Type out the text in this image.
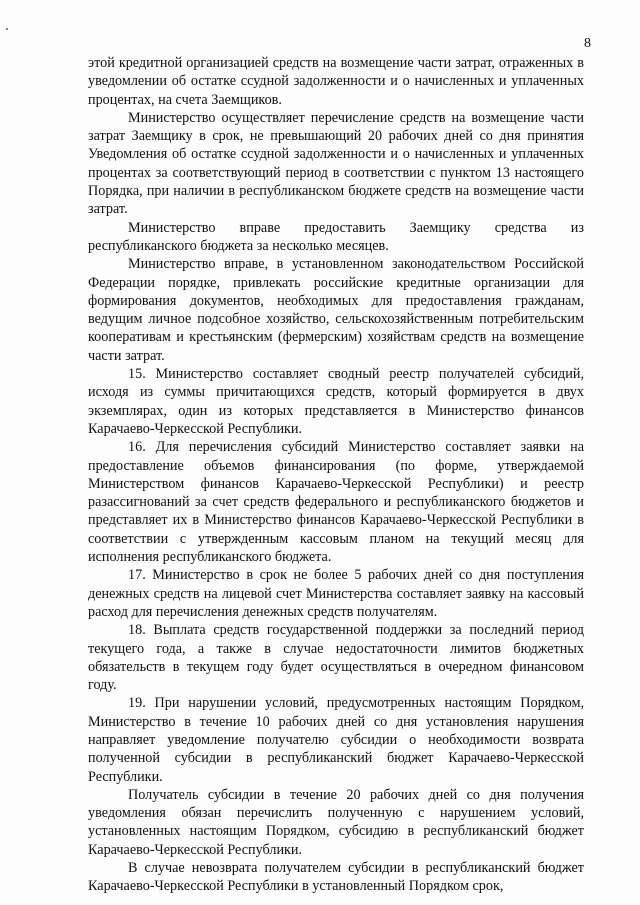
8

этой кредитной организацией средств на возмещение части затрат, отраженных в уведомлении об остатке ссудной задолженности и о начисленных и уплаченных процентах, на счета Заемщиков.

Министерство осуществляет перечисление средств на возмещение части затрат Заемщику в срок, не превышающий 20 рабочих дней со дня принятия Уведомления об остатке ссудной задолженности и о начисленных и уплаченных процентах за соответствующий период в соответствии с пунктом 13 настоящего Порядка, при наличии в республиканском бюджете средств на возмещение части затрат.

Министерство вправе предоставить Заемщику средства из республиканского бюджета за несколько месяцев.

Министерство вправе, в установленном законодательством Российской Федерации порядке, привлекать российские кредитные организации для формирования документов, необходимых для предоставления гражданам, ведущим личное подсобное хозяйство, сельскохозяйственным потребительским кооперативам и крестьянским (фермерским) хозяйствам средств на возмещение части затрат.

15. Министерство составляет сводный реестр получателей субсидий, исходя из суммы причитающихся средств, который формируется в двух экземплярах, один из которых представляется в Министерство финансов Карачаево-Черкесской Республики.

16. Для перечисления субсидий Министерство составляет заявки на предоставление объемов финансирования (по форме, утверждаемой Министерством финансов Карачаево-Черкесской Республики) и реестр разассигнований за счет средств федерального и республиканского бюджетов и представляет их в Министерство финансов Карачаево-Черкесской Республики в соответствии с утвержденным кассовым планом на текущий месяц для исполнения республиканского бюджета.

17. Министерство в срок не более 5 рабочих дней со дня поступления денежных средств на лицевой счет Министерства составляет заявку на кассовый расход для перечисления денежных средств получателям.

18. Выплата средств государственной поддержки за последний период текущего года, а также в случае недостаточности лимитов бюджетных обязательств в текущем году будет осуществляться в очередном финансовом году.

19. При нарушении условий, предусмотренных настоящим Порядком, Министерство в течение 10 рабочих дней со дня установления нарушения направляет уведомление получателю субсидии о необходимости возврата полученной субсидии в республиканский бюджет Карачаево-Черкесской Республики.

Получатель субсидии в течение 20 рабочих дней со дня получения уведомления обязан перечислить полученную с нарушением условий, установленных настоящим Порядком, субсидию в республиканский бюджет Карачаево-Черкесской Республики.

В случае невозврата получателем субсидии в республиканский бюджет Карачаево-Черкесской Республики в установленный Порядком срок,
